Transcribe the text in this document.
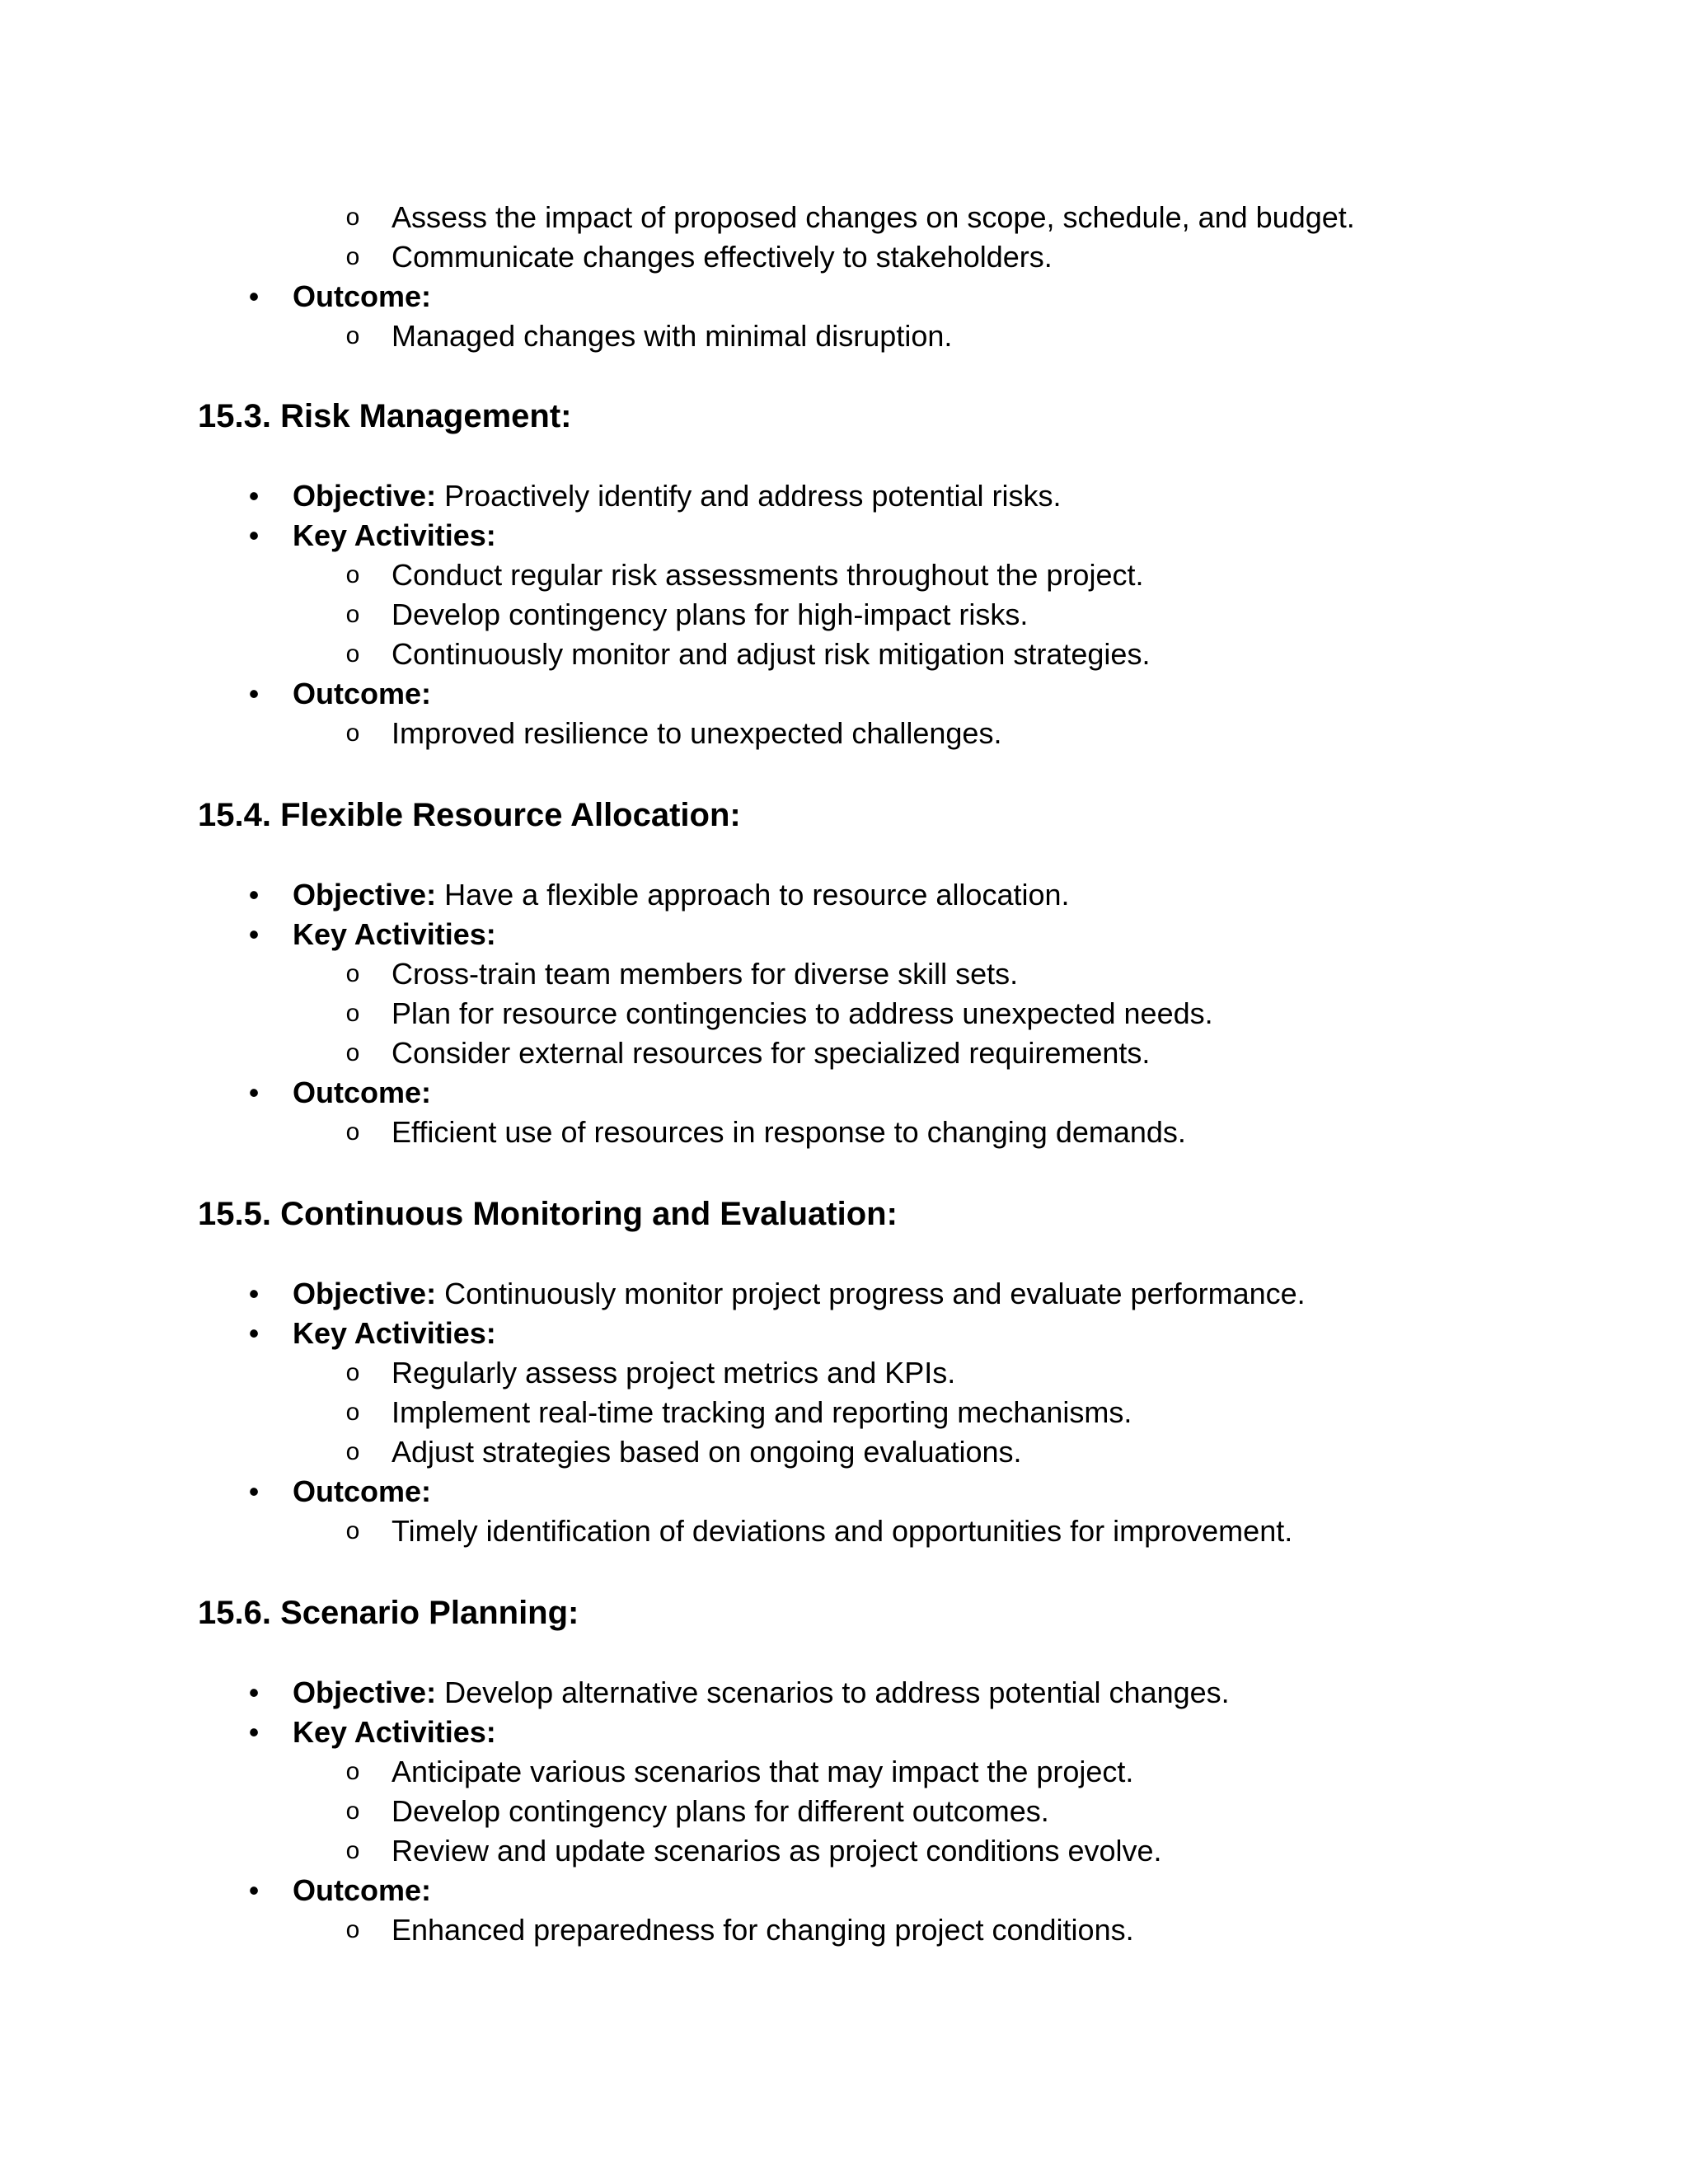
o Assess the impact of proposed changes on scope, schedule, and budget.
o Communicate changes effectively to stakeholders.
• Outcome:
o Managed changes with minimal disruption.
15.3. Risk Management:
• Objective: Proactively identify and address potential risks.
• Key Activities:
o Conduct regular risk assessments throughout the project.
o Develop contingency plans for high-impact risks.
o Continuously monitor and adjust risk mitigation strategies.
• Outcome:
o Improved resilience to unexpected challenges.
15.4. Flexible Resource Allocation:
• Objective: Have a flexible approach to resource allocation.
• Key Activities:
o Cross-train team members for diverse skill sets.
o Plan for resource contingencies to address unexpected needs.
o Consider external resources for specialized requirements.
• Outcome:
o Efficient use of resources in response to changing demands.
15.5. Continuous Monitoring and Evaluation:
• Objective: Continuously monitor project progress and evaluate performance.
• Key Activities:
o Regularly assess project metrics and KPIs.
o Implement real-time tracking and reporting mechanisms.
o Adjust strategies based on ongoing evaluations.
• Outcome:
o Timely identification of deviations and opportunities for improvement.
15.6. Scenario Planning:
• Objective: Develop alternative scenarios to address potential changes.
• Key Activities:
o Anticipate various scenarios that may impact the project.
o Develop contingency plans for different outcomes.
o Review and update scenarios as project conditions evolve.
• Outcome:
o Enhanced preparedness for changing project conditions.
